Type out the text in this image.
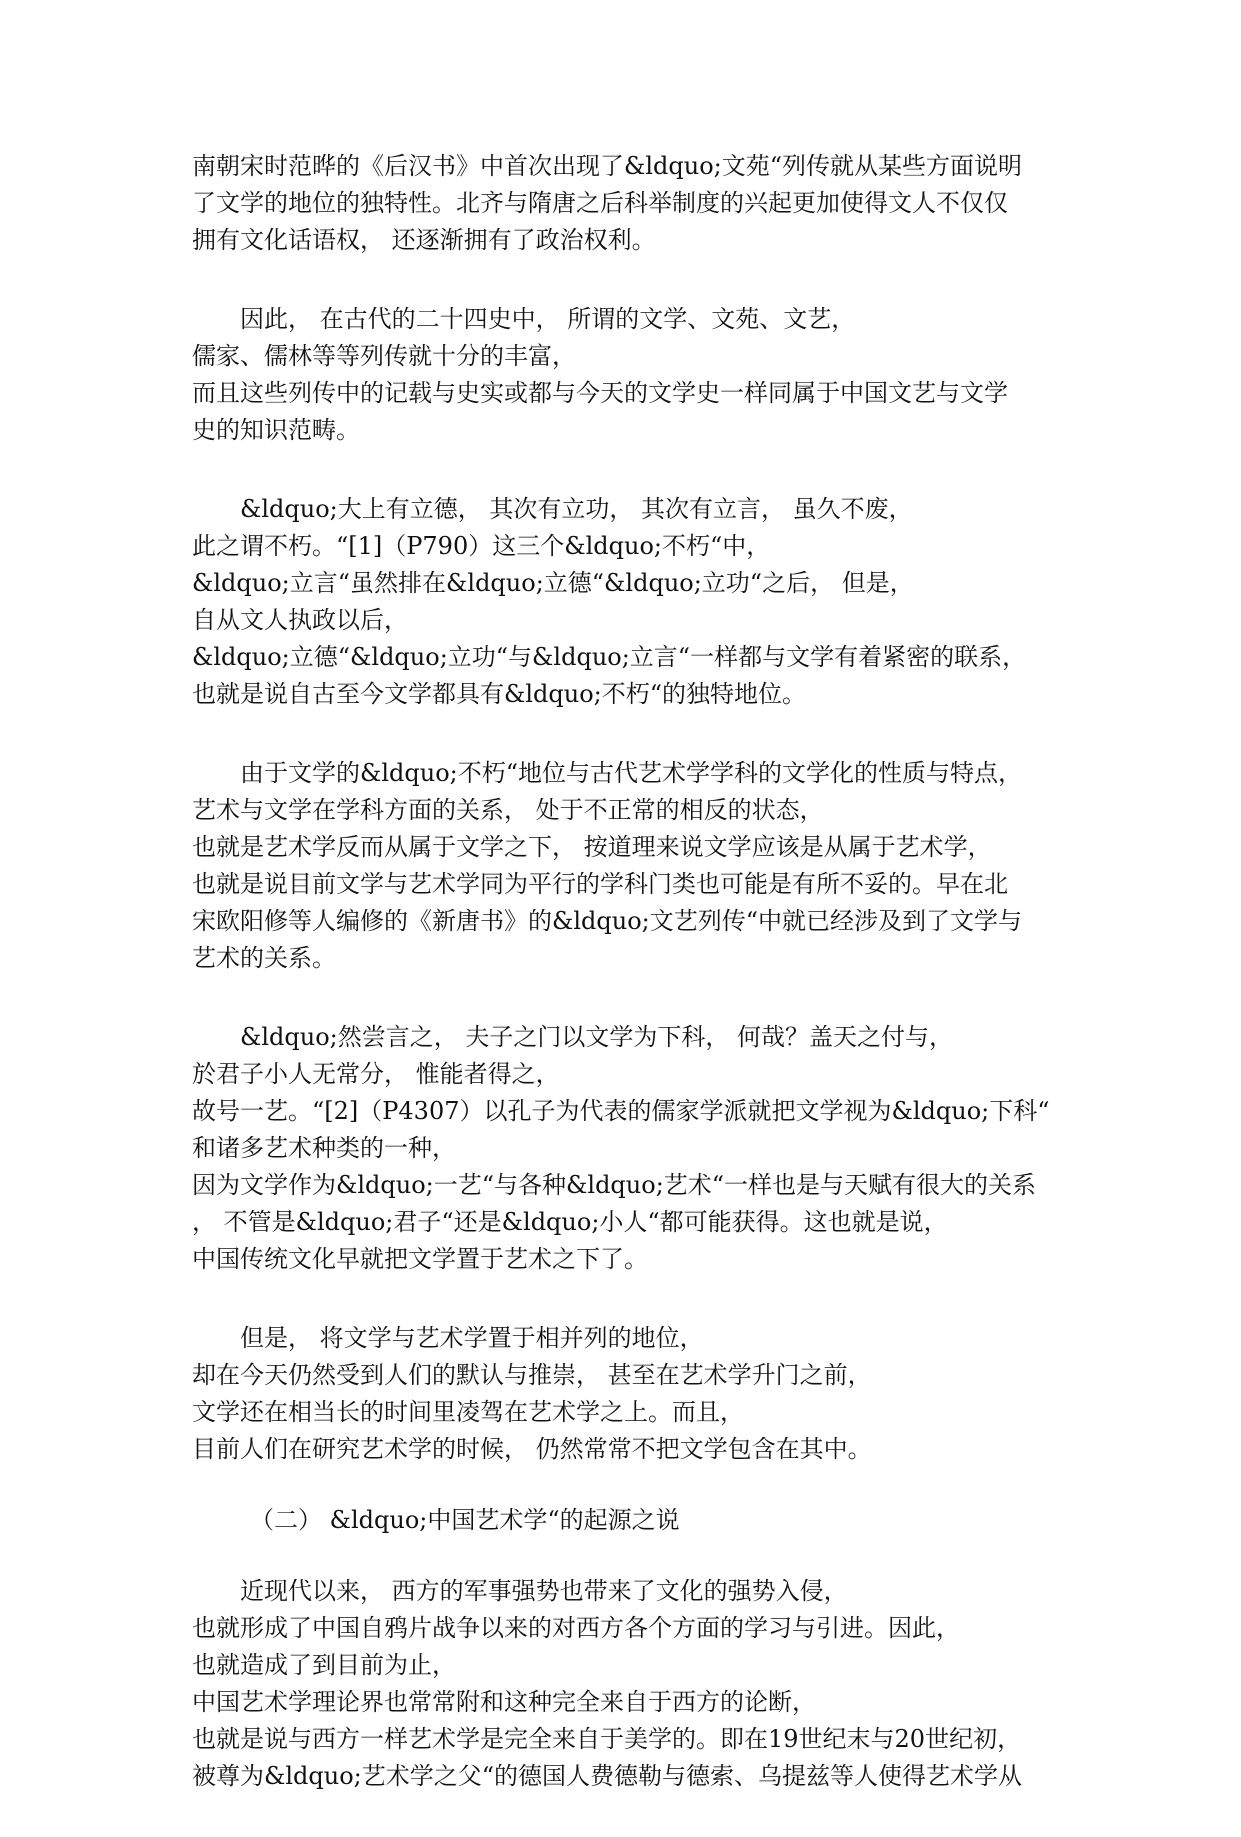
南朝宋时范晔的《后汉书》中首次出现了&ldquo;文苑“列传就从某些方面说明
了文学的地位的独特性。北齐与隋唐之后科举制度的兴起更加使得文人不仅仅
拥有文化话语权， 还逐渐拥有了政治权利。
因此， 在古代的二十四史中， 所谓的文学、文苑、文艺，
儒家、儒林等等列传就十分的丰富，
而且这些列传中的记载与史实或都与今天的文学史一样同属于中国文艺与文学
史的知识范畴。
&ldquo;大上有立德， 其次有立功， 其次有立言， 虽久不废，
此之谓不朽。“[1]（P790）这三个&ldquo;不朽“中，
&ldquo;立言“虽然排在&ldquo;立德“&ldquo;立功“之后， 但是，
自从文人执政以后，
&ldquo;立德“&ldquo;立功“与&ldquo;立言“一样都与文学有着紧密的联系，
也就是说自古至今文学都具有&ldquo;不朽“的独特地位。
由于文学的&ldquo;不朽“地位与古代艺术学学科的文学化的性质与特点，
艺术与文学在学科方面的关系， 处于不正常的相反的状态，
也就是艺术学反而从属于文学之下， 按道理来说文学应该是从属于艺术学，
也就是说目前文学与艺术学同为平行的学科门类也可能是有所不妥的。早在北
宋欧阳修等人编修的《新唐书》的&ldquo;文艺列传“中就已经涉及到了文学与
艺术的关系。
&ldquo;然尝言之， 夫子之门以文学为下科， 何哉？盖天之付与，
於君子小人无常分， 惟能者得之，
故号一艺。“[2]（P4307）以孔子为代表的儒家学派就把文学视为&ldquo;下科“
和诸多艺术种类的一种，
因为文学作为&ldquo;一艺“与各种&ldquo;艺术“一样也是与天赋有很大的关系
， 不管是&ldquo;君子“还是&ldquo;小人“都可能获得。这也就是说，
中国传统文化早就把文学置于艺术之下了。
但是， 将文学与艺术学置于相并列的地位，
却在今天仍然受到人们的默认与推崇， 甚至在艺术学升门之前，
文学还在相当长的时间里凌驾在艺术学之上。而且，
目前人们在研究艺术学的时候， 仍然常常不把文学包含在其中。
（二） &ldquo;中国艺术学“的起源之说
近现代以来， 西方的军事强势也带来了文化的强势入侵，
也就形成了中国自鸦片战争以来的对西方各个方面的学习与引进。因此，
也就造成了到目前为止，
中国艺术学理论界也常常附和这种完全来自于西方的论断，
也就是说与西方一样艺术学是完全来自于美学的。即在19世纪末与20世纪初，
被尊为&ldquo;艺术学之父“的德国人费德勒与德索、乌提兹等人使得艺术学从
